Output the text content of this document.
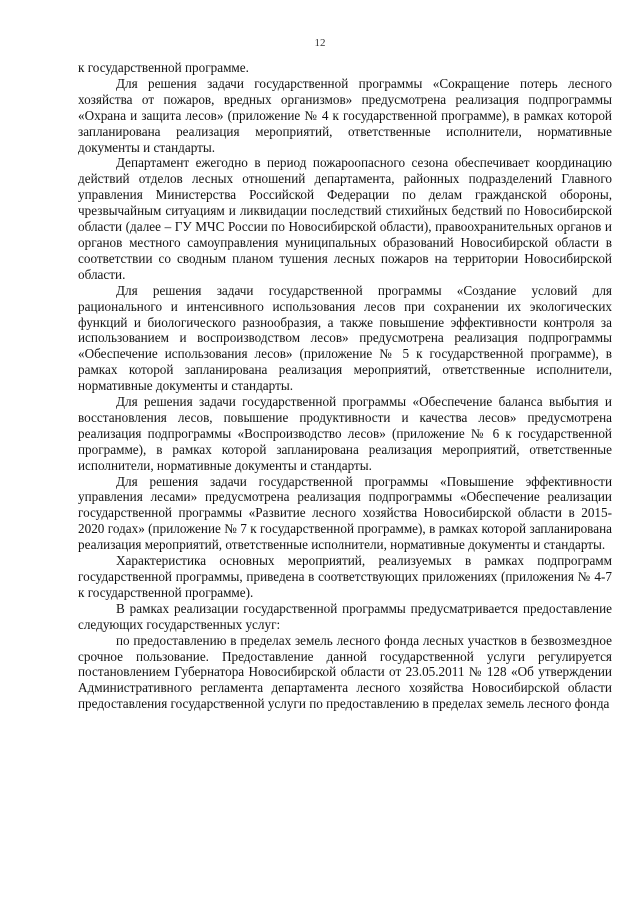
12

к государственной программе.

Для решения задачи государственной программы «Сокращение потерь лесного хозяйства от пожаров, вредных организмов» предусмотрена реализация подпрограммы «Охрана и защита лесов» (приложение № 4 к государственной программе), в рамках которой запланирована реализация мероприятий, ответственные исполнители, нормативные документы и стандарты.

Департамент ежегодно в период пожароопасного сезона обеспечивает координацию действий отделов лесных отношений департамента, районных подразделений Главного управления Министерства Российской Федерации по делам гражданской обороны, чрезвычайным ситуациям и ликвидации последствий стихийных бедствий по Новосибирской области (далее – ГУ МЧС России по Новосибирской области), правоохранительных органов и органов местного самоуправления муниципальных образований Новосибирской области в соответствии со сводным планом тушения лесных пожаров на территории Новосибирской области.

Для решения задачи государственной программы «Создание условий для рационального и интенсивного использования лесов при сохранении их экологических функций и биологического разнообразия, а также повышение эффективности контроля за использованием и воспроизводством лесов» предусмотрена реализация подпрограммы «Обеспечение использования лесов» (приложение № 5 к государственной программе), в рамках которой запланирована реализация мероприятий, ответственные исполнители, нормативные документы и стандарты.

Для решения задачи государственной программы «Обеспечение баланса выбытия и восстановления лесов, повышение продуктивности и качества лесов» предусмотрена реализация подпрограммы «Воспроизводство лесов» (приложение № 6 к государственной программе), в рамках которой запланирована реализация мероприятий, ответственные исполнители, нормативные документы и стандарты.

Для решения задачи государственной программы «Повышение эффективности управления лесами» предусмотрена реализация подпрограммы «Обеспечение реализации государственной программы «Развитие лесного хозяйства Новосибирской области в 2015-2020 годах» (приложение № 7 к государственной программе), в рамках которой запланирована реализация мероприятий, ответственные исполнители, нормативные документы и стандарты.

Характеристика основных мероприятий, реализуемых в рамках подпрограмм государственной программы, приведена в соответствующих приложениях (приложения № 4-7 к государственной программе).

В рамках реализации государственной программы предусматривается предоставление следующих государственных услуг:

по предоставлению в пределах земель лесного фонда лесных участков в безвозмездное срочное пользование. Предоставление данной государственной услуги регулируется постановлением Губернатора Новосибирской области от 23.05.2011 № 128 «Об утверждении Административного регламента департамента лесного хозяйства Новосибирской области предоставления государственной услуги по предоставлению в пределах земель лесного фонда
